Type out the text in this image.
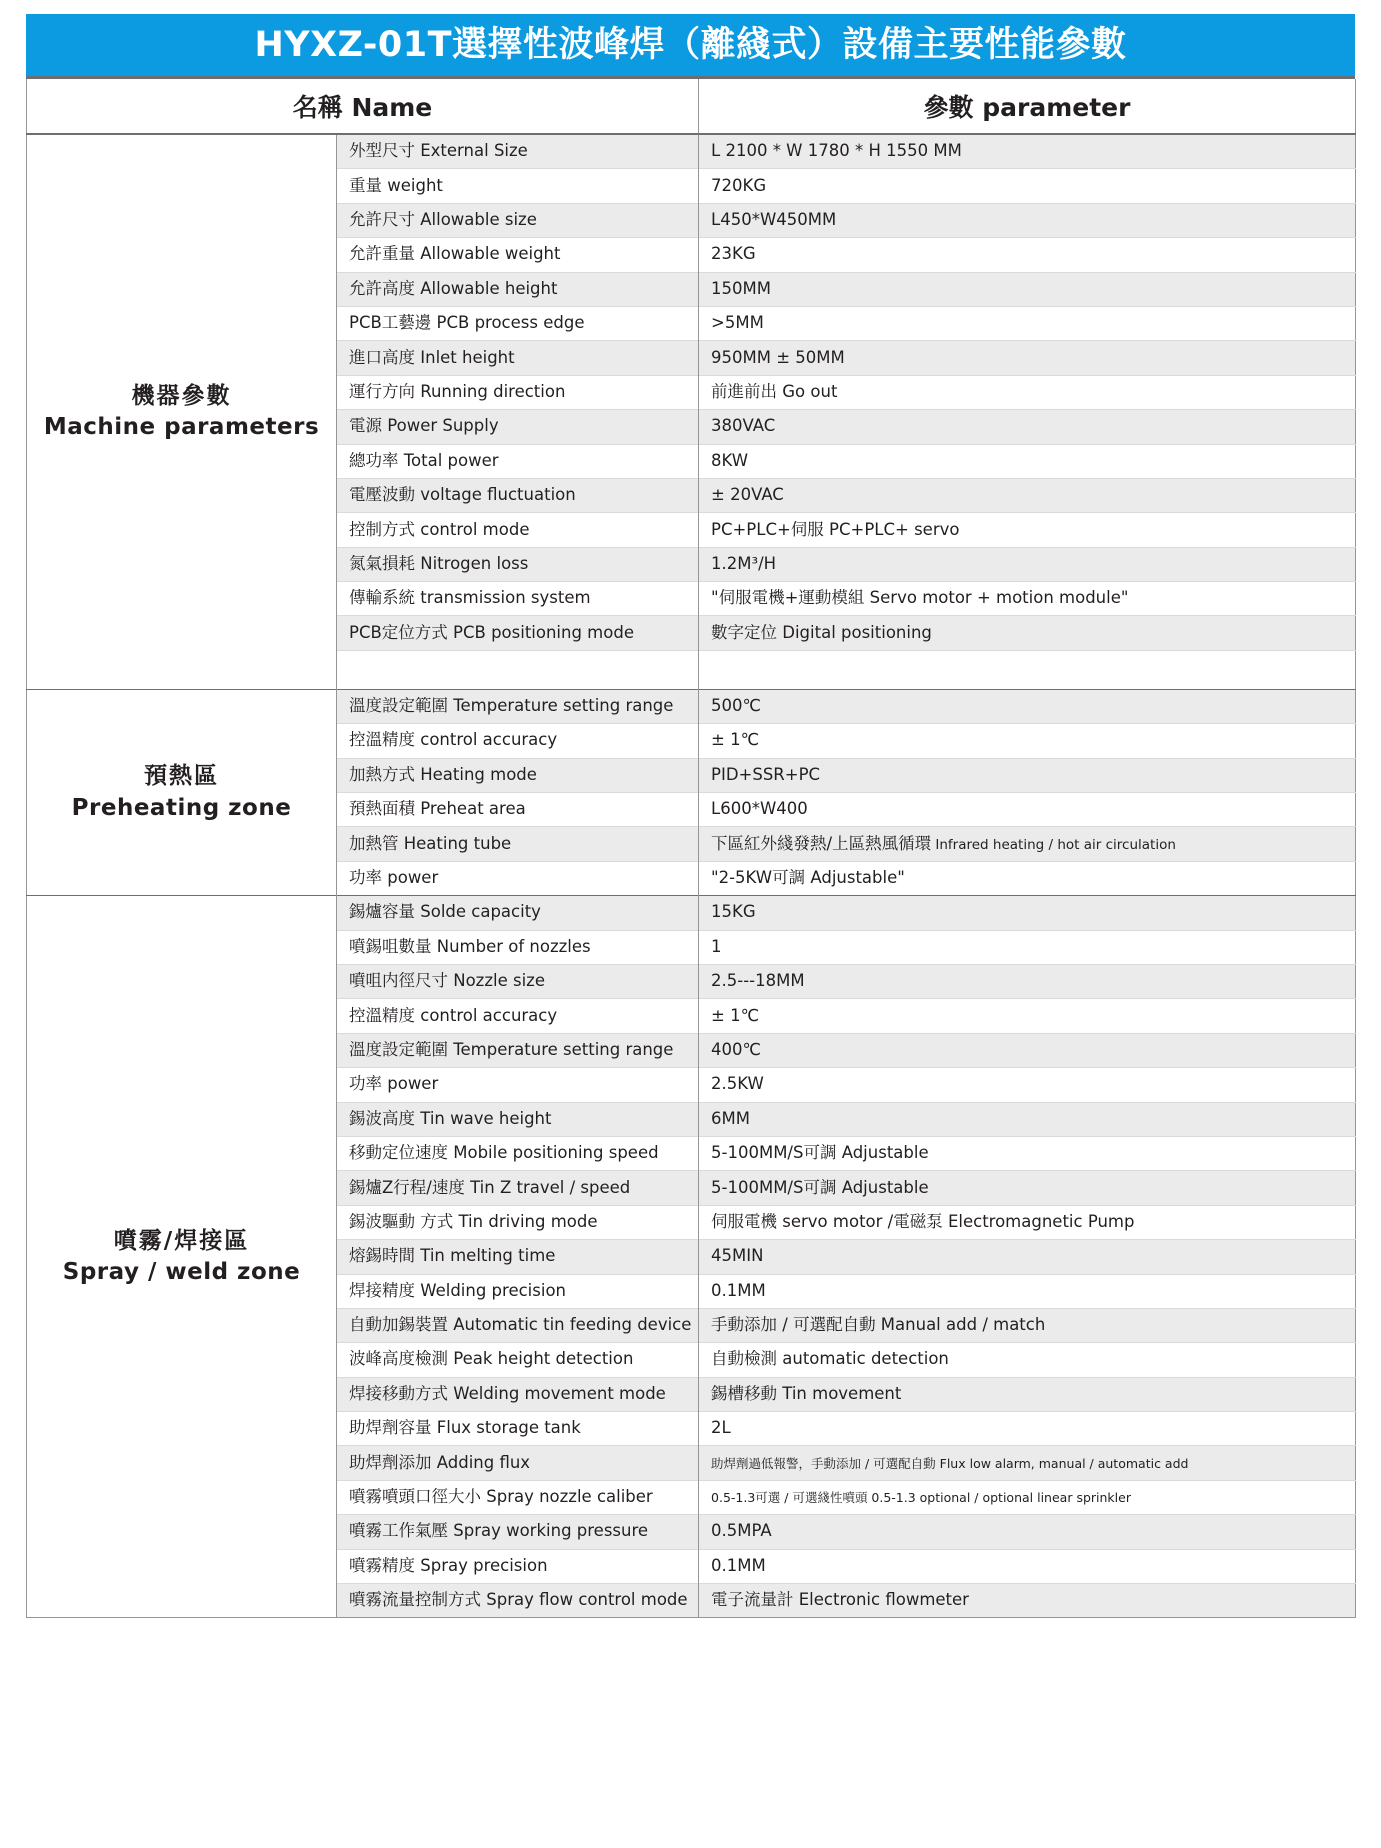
HYXZ-01T選擇性波峰焊（離綫式）設備主要性能參數
名稱 Name		參數 parameter

機器參數
Machine parameters	外型尺寸 External Size	L 2100 * W 1780 * H 1550 MM
	重量 weight	720KG
	允許尺寸 Allowable size	L450*W450MM
	允許重量 Allowable weight	23KG
	允許高度 Allowable height	150MM
	PCB工藝邊 PCB process edge	>5MM
	進口高度 Inlet height	950MM ± 50MM
	運行方向 Running direction	前進前出 Go out
	電源 Power Supply	380VAC
	總功率 Total power	8KW
	電壓波動 voltage fluctuation	± 20VAC
	控制方式 control mode	PC+PLC+伺服 PC+PLC+ servo
	氮氣損耗 Nitrogen loss	1.2M³/H
	傳輸系統 transmission system	"伺服電機+運動模組 Servo motor + motion module"
	PCB定位方式 PCB positioning mode	數字定位 Digital positioning

預熱區
Preheating zone	溫度設定範圍 Temperature setting range	500℃
	控溫精度 control accuracy	± 1℃
	加熱方式 Heating mode	PID+SSR+PC
	預熱面積 Preheat area	L600*W400
	加熱管 Heating tube	下區紅外綫發熱/上區熱風循環 Infrared heating / hot air circulation
	功率 power	"2-5KW可調 Adjustable"

噴霧/焊接區
Spray / weld zone	錫爐容量 Solde capacity	15KG
	噴錫咀數量 Number of nozzles	1
	噴咀内徑尺寸 Nozzle size	2.5---18MM
	控溫精度 control accuracy	± 1℃
	溫度設定範圍 Temperature setting range	400℃
	功率 power	2.5KW
	錫波高度 Tin wave height	6MM
	移動定位速度 Mobile positioning speed	5-100MM/S可調 Adjustable
	錫爐Z行程/速度 Tin Z travel / speed	5-100MM/S可調 Adjustable
	錫波驅動 方式 Tin driving mode	伺服電機 servo motor /電磁泵 Electromagnetic Pump
	熔錫時間 Tin melting time	45MIN
	焊接精度 Welding precision	0.1MM
	自動加錫裝置 Automatic tin feeding device	手動添加 / 可選配自動 Manual add / match
	波峰高度檢測 Peak height detection	自動檢測 automatic detection
	焊接移動方式 Welding movement mode	錫槽移動 Tin movement
	助焊劑容量 Flux storage tank	2L
	助焊劑添加 Adding flux	助焊劑過低報警，手動添加 / 可選配自動 Flux low alarm, manual / automatic add
	噴霧噴頭口徑大小 Spray nozzle caliber	0.5-1.3可選 / 可選綫性噴頭 0.5-1.3 optional / optional linear sprinkler
	噴霧工作氣壓 Spray working pressure	0.5MPA
	噴霧精度 Spray precision	0.1MM
	噴霧流量控制方式 Spray flow control mode	電子流量計 Electronic flowmeter
